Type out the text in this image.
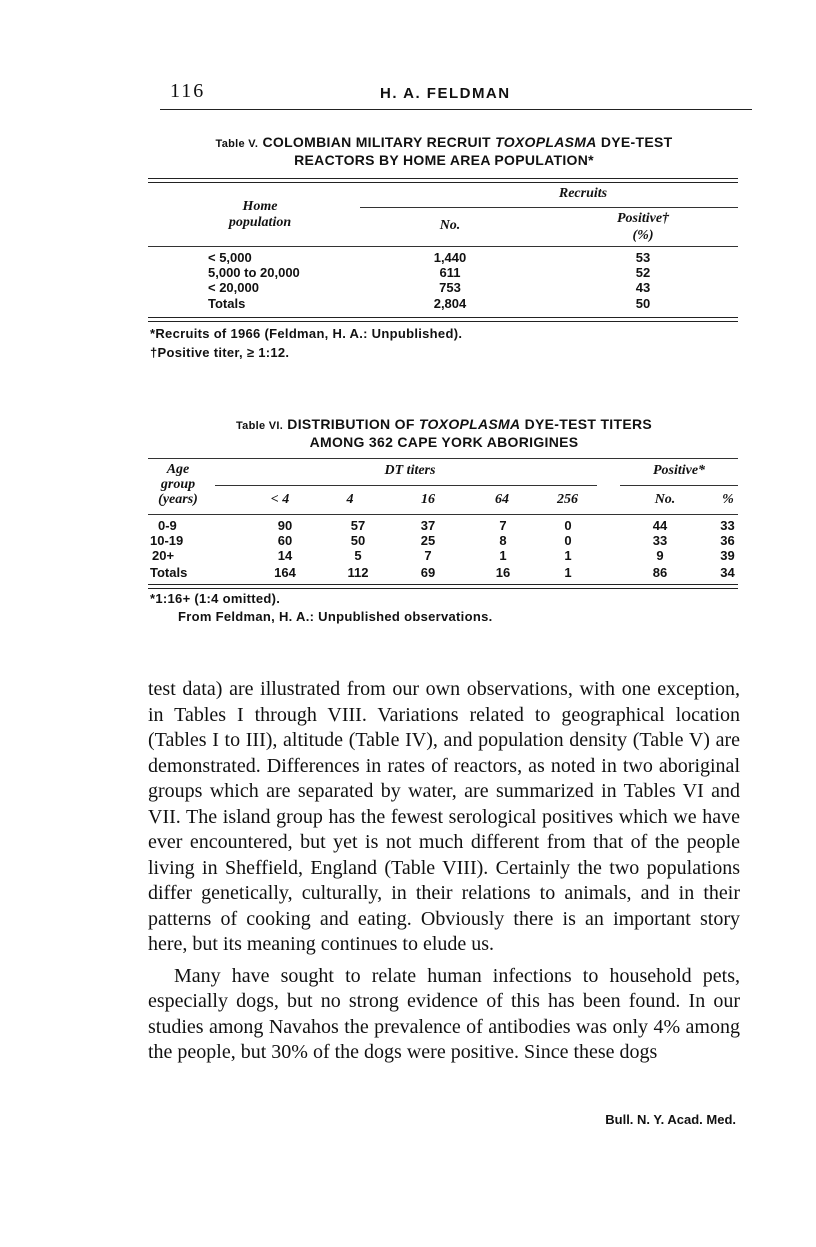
116	H. A. FELDMAN
Table V. COLOMBIAN MILITARY RECRUIT TOXOPLASMA DYE-TEST
REACTORS BY HOME AREA POPULATION*
Recruits
Home
population	No.	Positive†
(%)
< 5,000	1,440	53
5,000 to 20,000	611	52
< 20,000	753	43
Totals	2,804	50
*Recruits of 1966 (Feldman, H. A.: Unpublished).
†Positive titer, ≥ 1:12.
Table VI. DISTRIBUTION OF TOXOPLASMA DYE-TEST TITERS
AMONG 362 CAPE YORK ABORIGINES
Age
group
(years)
DT titers	Positive*
< 4	4	16	64	256	No.	%
0-9	90	57	37	7	0	44	33
10-19	60	50	25	8	0	33	36
20+	14	5	7	1	1	9	39
Totals	164	112	69	16	1	86	34
*1:16+ (1:4 omitted).
From Feldman, H. A.: Unpublished observations.

test data) are illustrated from our own observations, with one exception, in Tables I through VIII. Variations related to geographical location (Tables I to III), altitude (Table IV), and population density (Table V) are demonstrated. Differences in rates of reactors, as noted in two aboriginal groups which are separated by water, are summarized in Tables VI and VII. The island group has the fewest serological positives which we have ever encountered, but yet is not much different from that of the people living in Sheffield, England (Table VIII). Certainly the two populations differ genetically, culturally, in their relations to animals, and in their patterns of cooking and eating. Obviously there is an important story here, but its meaning continues to elude us.

Many have sought to relate human infections to household pets, especially dogs, but no strong evidence of this has been found. In our studies among Navahos the prevalence of antibodies was only 4% among the people, but 30% of the dogs were positive. Since these dogs

Bull. N. Y. Acad. Med.
